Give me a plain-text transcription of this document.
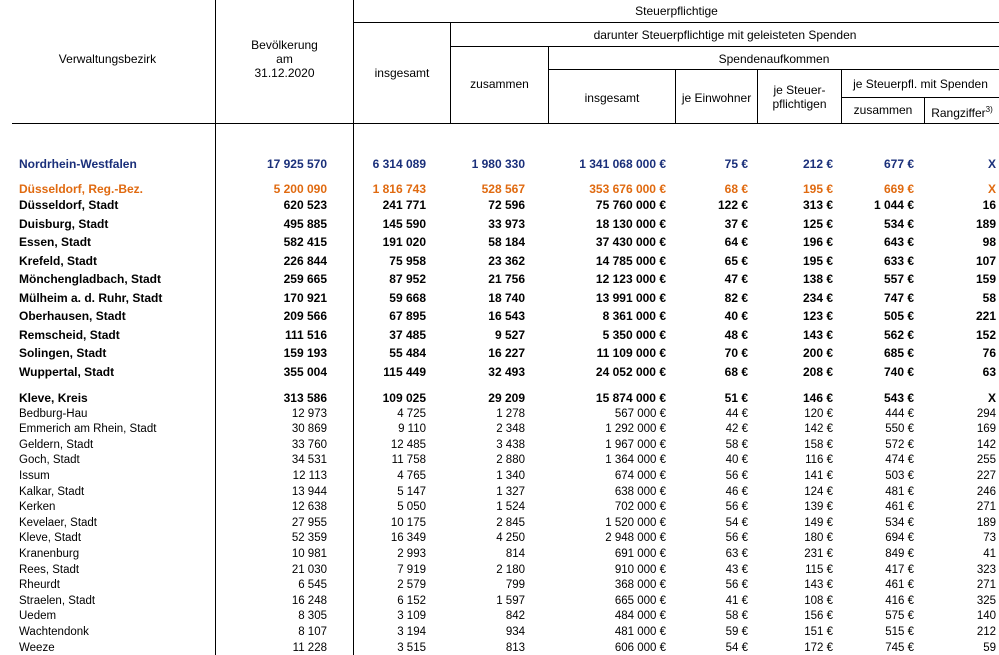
Verwaltungsbezirk
Bevölkerung
am
31.12.2020
Steuerpflichtige
insgesamt
darunter Steuerpflichtige mit geleisteten Spenden
zusammen
Spendenaufkommen
insgesamt	je Einwohner
je Steuer-
pflichtigen
je Steuerpfl. mit Spenden
zusammen	Rangziffer$^{3)}$
Nordrhein-Westfalen	17 925 570	6 314 089	1 980 330	1 341 068 000 €	75 €	212 €	677 €	X
Düsseldorf, Reg.-Bez.	5 200 090	1 816 743	528 567	353 676 000 €	68 €	195 €	669 €	X
Düsseldorf, Stadt	620 523	241 771	72 596	75 760 000 €	122 €	313 €	1 044 €	16
Duisburg, Stadt	495 885	145 590	33 973	18 130 000 €	37 €	125 €	534 €	189
Essen, Stadt	582 415	191 020	58 184	37 430 000 €	64 €	196 €	643 €	98
Krefeld, Stadt	226 844	75 958	23 362	14 785 000 €	65 €	195 €	633 €	107
Mönchengladbach, Stadt	259 665	87 952	21 756	12 123 000 €	47 €	138 €	557 €	159
Mülheim a. d. Ruhr, Stadt	170 921	59 668	18 740	13 991 000 €	82 €	234 €	747 €	58
Oberhausen, Stadt	209 566	67 895	16 543	8 361 000 €	40 €	123 €	505 €	221
Remscheid, Stadt	111 516	37 485	9 527	5 350 000 €	48 €	143 €	562 €	152
Solingen, Stadt	159 193	55 484	16 227	11 109 000 €	70 €	200 €	685 €	76
Wuppertal, Stadt	355 004	115 449	32 493	24 052 000 €	68 €	208 €	740 €	63
Kleve, Kreis	313 586	109 025	29 209	15 874 000 €	51 €	146 €	543 €	X
Bedburg-Hau	12 973	4 725	1 278	567 000 €	44 €	120 €	444 €	294
Emmerich am Rhein, Stadt	30 869	9 110	2 348	1 292 000 €	42 €	142 €	550 €	169
Geldern, Stadt	33 760	12 485	3 438	1 967 000 €	58 €	158 €	572 €	142
Goch, Stadt	34 531	11 758	2 880	1 364 000 €	40 €	116 €	474 €	255
Issum	12 113	4 765	1 340	674 000 €	56 €	141 €	503 €	227
Kalkar, Stadt	13 944	5 147	1 327	638 000 €	46 €	124 €	481 €	246
Kerken	12 638	5 050	1 524	702 000 €	56 €	139 €	461 €	271
Kevelaer, Stadt	27 955	10 175	2 845	1 520 000 €	54 €	149 €	534 €	189
Kleve, Stadt	52 359	16 349	4 250	2 948 000 €	56 €	180 €	694 €	73
Kranenburg	10 981	2 993	814	691 000 €	63 €	231 €	849 €	41
Rees, Stadt	21 030	7 919	2 180	910 000 €	43 €	115 €	417 €	323
Rheurdt	6 545	2 579	799	368 000 €	56 €	143 €	461 €	271
Straelen, Stadt	16 248	6 152	1 597	665 000 €	41 €	108 €	416 €	325
Uedem	8 305	3 109	842	484 000 €	58 €	156 €	575 €	140
Wachtendonk	8 107	3 194	934	481 000 €	59 €	151 €	515 €	212
Weeze	11 228	3 515	813	606 000 €	54 €	172 €	745 €	59
